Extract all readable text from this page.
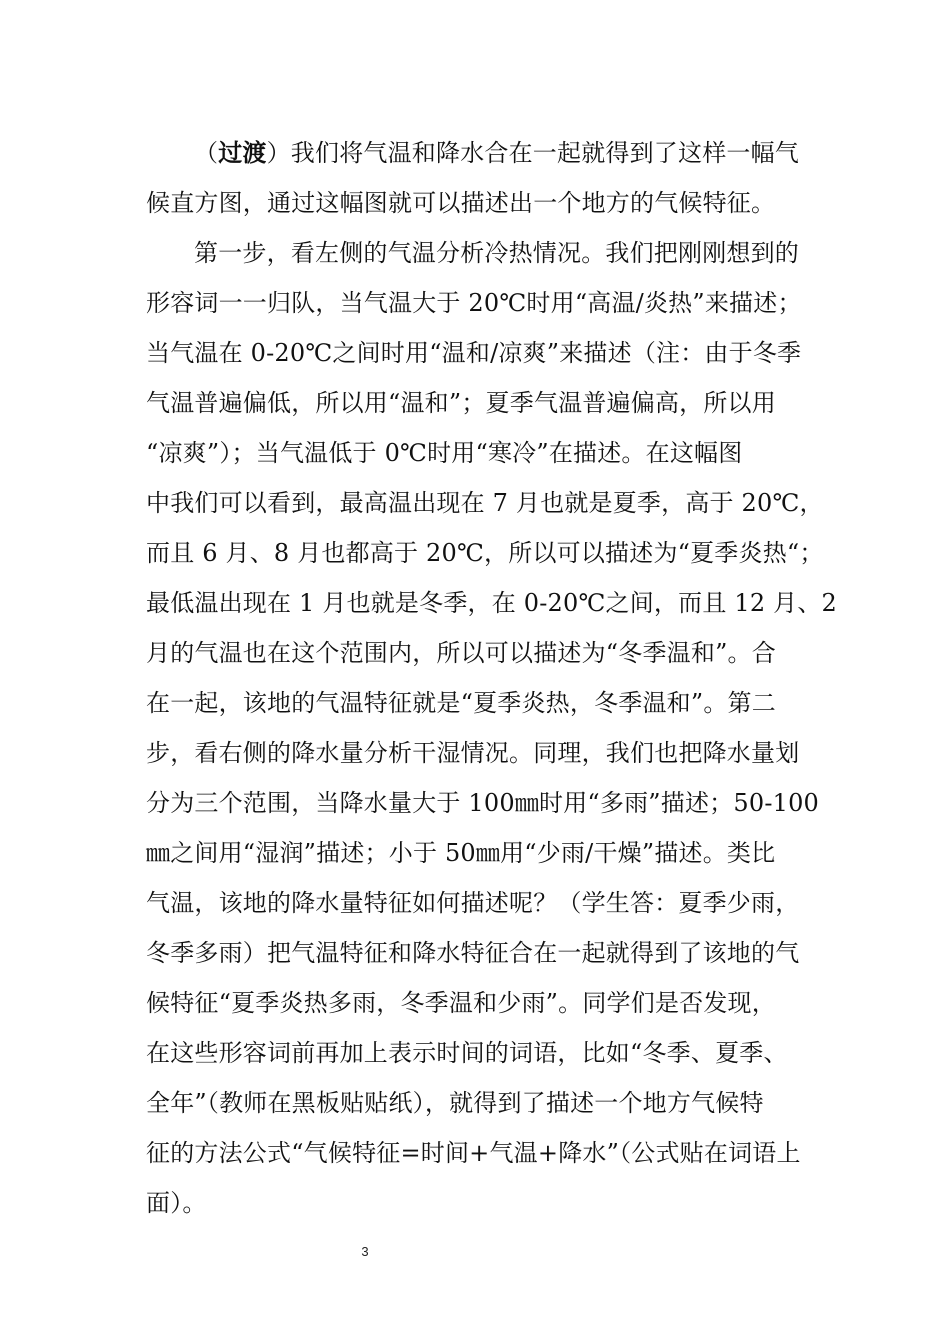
（过渡）我们将气温和降水合在一起就得到了这样一幅气
候直方图，通过这幅图就可以描述出一个地方的气候特征。
第一步，看左侧的气温分析冷热情况。我们把刚刚想到的
形容词一一归队，当气温大于 20℃时用“高温/炎热”来描述；
当气温在 0-20℃之间时用“温和/凉爽”来描述（注：由于冬季
气温普遍偏低，所以用“温和”；夏季气温普遍偏高，所以用
“凉爽”）；当气温低于 0℃时用“寒冷”在描述。在这幅图
中我们可以看到，最高温出现在 7 月也就是夏季，高于 20℃，
而且 6 月、8 月也都高于 20℃，所以可以描述为“夏季炎热“；
最低温出现在 1 月也就是冬季，在 0-20℃之间，而且 12 月、2
月的气温也在这个范围内，所以可以描述为“冬季温和”。合
在一起，该地的气温特征就是“夏季炎热，冬季温和”。第二
步，看右侧的降水量分析干湿情况。同理，我们也把降水量划
分为三个范围，当降水量大于 100㎜时用“多雨”描述；50-100
㎜之间用“湿润”描述；小于 50㎜用“少雨/干燥”描述。类比
气温，该地的降水量特征如何描述呢？（学生答：夏季少雨，
冬季多雨）把气温特征和降水特征合在一起就得到了该地的气
候特征“夏季炎热多雨，冬季温和少雨”。同学们是否发现，
在这些形容词前再加上表示时间的词语，比如“冬季、夏季、
全年”（教师在黑板贴贴纸），就得到了描述一个地方气候特
征的方法公式“气候特征=时间+气温+降水”（公式贴在词语上
面）。
3
